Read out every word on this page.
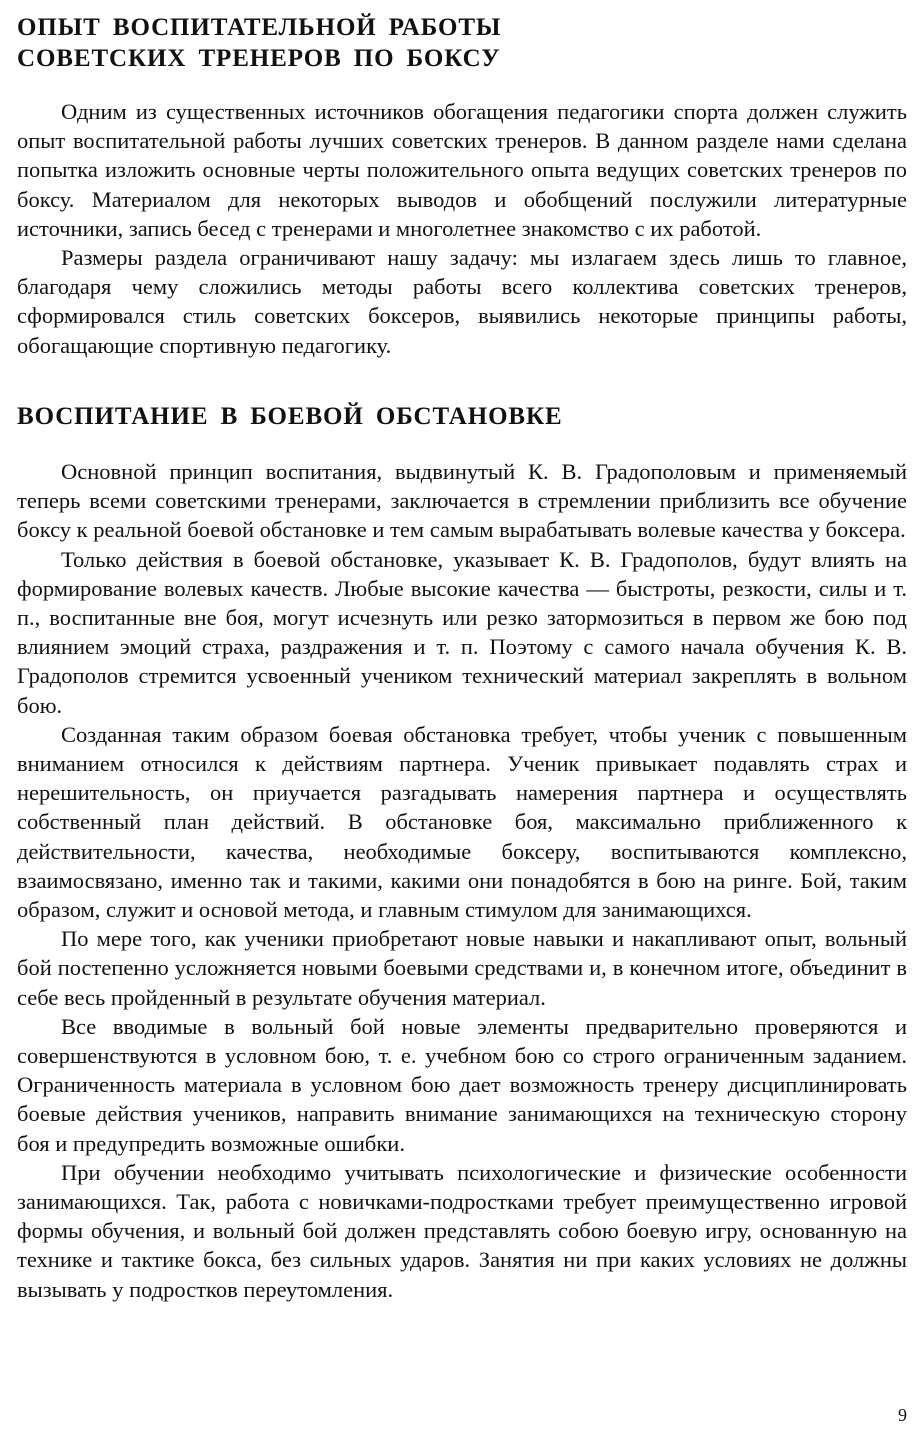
ОПЫТ ВОСПИТАТЕЛЬНОЙ РАБОТЫ
СОВЕТСКИХ ТРЕНЕРОВ ПО БОКСУ

Одним из существенных источников обогащения педагогики спорта должен служить опыт воспитательной работы лучших советских тренеров. В данном разделе нами сделана попытка изложить основные черты положительного опыта ведущих советских тренеров по боксу. Материалом для некоторых выводов и обобщений послужили литературные источники, запись бесед с тренерами и многолетнее знакомство с их работой.

Размеры раздела ограничивают нашу задачу: мы излагаем здесь лишь то главное, благодаря чему сложились методы работы всего коллектива советских тренеров, сформировался стиль советских боксеров, выявились некоторые принципы работы, обогащающие спортивную педагогику.

ВОСПИТАНИЕ В БОЕВОЙ ОБСТАНОВКЕ

Основной принцип воспитания, выдвинутый К. В. Градополовым и применяемый теперь всеми советскими тренерами, заключается в стремлении приблизить все обучение боксу к реальной боевой обстановке и тем самым вырабатывать волевые качества у боксера.

Только действия в боевой обстановке, указывает К. В. Градополов, будут влиять на формирование волевых качеств. Любые высокие качества — быстроты, резкости, силы и т. п., воспитанные вне боя, могут исчезнуть или резко затормозиться в первом же бою под влиянием эмоций страха, раздражения и т. п. Поэтому с самого начала обучения К. В. Градополов стремится усвоенный учеником технический материал закреплять в вольном бою.

Созданная таким образом боевая обстановка требует, чтобы ученик с повышенным вниманием относился к действиям партнера. Ученик привыкает подавлять страх и нерешительность, он приучается разгадывать намерения партнера и осуществлять собственный план действий. В обстановке боя, максимально приближенного к действительности, качества, необходимые боксеру, воспитываются комплексно, взаимосвязано, именно так и такими, какими они понадобятся в бою на ринге. Бой, таким образом, служит и основой метода, и главным стимулом для занимающихся.

По мере того, как ученики приобретают новые навыки и накапливают опыт, вольный бой постепенно усложняется новыми боевыми средствами и, в конечном итоге, объединит в себе весь пройденный в результате обучения материал.

Все вводимые в вольный бой новые элементы предварительно проверяются и совершенствуются в условном бою, т. е. учебном бою со строго ограниченным заданием. Ограниченность материала в условном бою дает возможность тренеру дисциплинировать боевые действия учеников, направить внимание занимающихся на техническую сторону боя и предупредить возможные ошибки.

При обучении необходимо учитывать психологические и физические особенности занимающихся. Так, работа с новичками-подростками требует преимущественно игровой формы обучения, и вольный бой должен представлять собою боевую игру, основанную на технике и тактике бокса, без сильных ударов. Занятия ни при каких условиях не должны вызывать у подростков переутомления.

9
